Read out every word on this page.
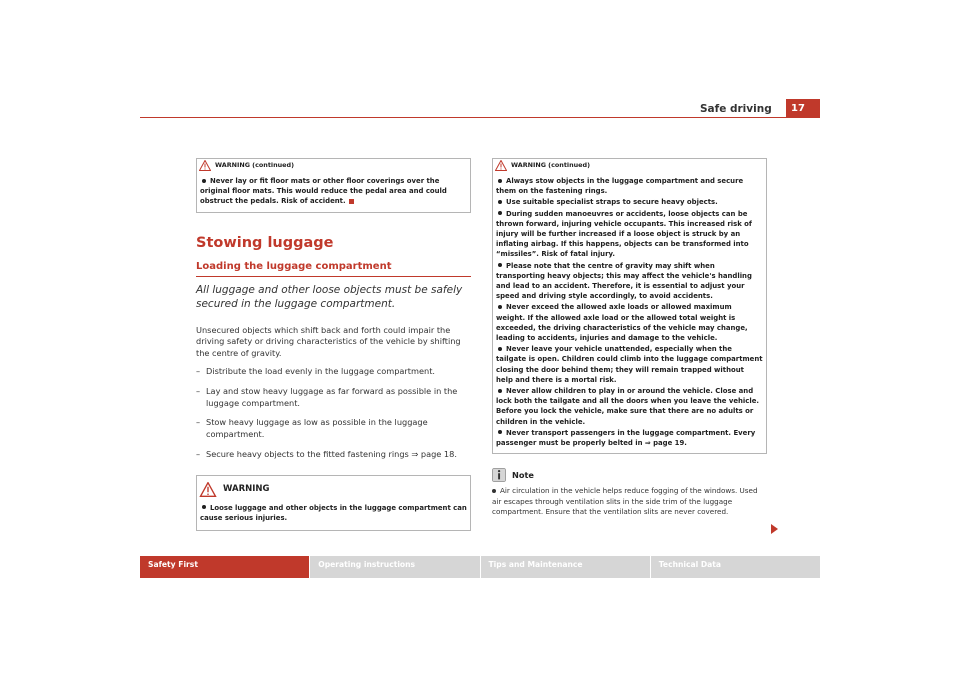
17
Safe driving
WARNING (continued)
Never lay or fit floor mats or other floor coverings over the original floor mats. This would reduce the pedal area and could obstruct the pedals. Risk of accident.
Stowing luggage
Loading the luggage compartment
All luggage and other loose objects must be safely secured in the luggage compartment.
Unsecured objects which shift back and forth could impair the driving safety or driving characteristics of the vehicle by shifting the centre of gravity.
– Distribute the load evenly in the luggage compartment.
– Lay and stow heavy luggage as far forward as possible in the luggage compartment.
– Stow heavy luggage as low as possible in the luggage compartment.
– Secure heavy objects to the fitted fastening rings ⇒ page 18.
WARNING
Loose luggage and other objects in the luggage compartment can cause serious injuries.
WARNING (continued)
Always stow objects in the luggage compartment and secure them on the fastening rings.
Use suitable specialist straps to secure heavy objects.
During sudden manoeuvres or accidents, loose objects can be thrown forward, injuring vehicle occupants. This increased risk of injury will be further increased if a loose object is struck by an inflating airbag. If this happens, objects can be transformed into “missiles”. Risk of fatal injury.
Please note that the centre of gravity may shift when transporting heavy objects; this may affect the vehicle's handling and lead to an accident. Therefore, it is essential to adjust your speed and driving style accordingly, to avoid accidents.
Never exceed the allowed axle loads or allowed maximum weight. If the allowed axle load or the allowed total weight is exceeded, the driving characteristics of the vehicle may change, leading to accidents, injuries and damage to the vehicle.
Never leave your vehicle unattended, especially when the tailgate is open. Children could climb into the luggage compartment closing the door behind them; they will remain trapped without help and there is a mortal risk.
Never allow children to play in or around the vehicle. Close and lock both the tailgate and all the doors when you leave the vehicle. Before you lock the vehicle, make sure that there are no adults or children in the vehicle.
Never transport passengers in the luggage compartment. Every passenger must be properly belted in ⇒ page 19.
Note
Air circulation in the vehicle helps reduce fogging of the windows. Used air escapes through ventilation slits in the side trim of the luggage compartment. Ensure that the ventilation slits are never covered.
Safety First	Operating instructions	Tips and Maintenance	Technical Data
